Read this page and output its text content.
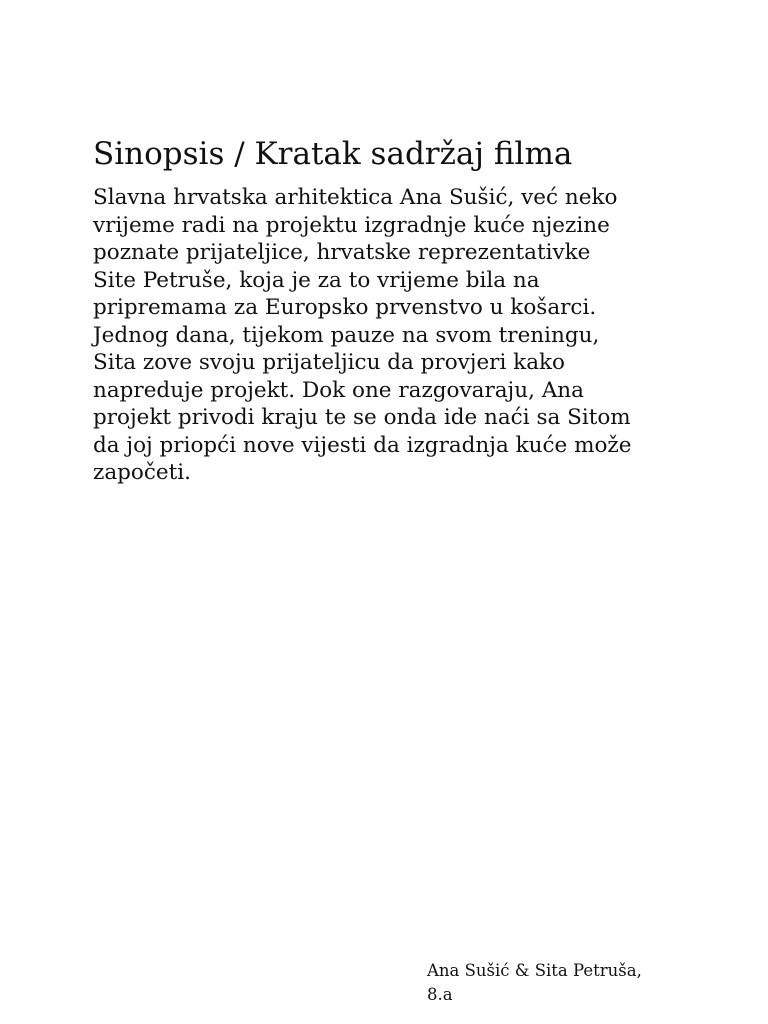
Sinopsis / Kratak sadržaj filma
Slavna hrvatska arhitektica Ana Sušić, već neko
vrijeme radi na projektu izgradnje kuće njezine
poznate prijateljice, hrvatske reprezentativke
Site Petruše, koja je za to vrijeme bila na
pripremama za Europsko prvenstvo u košarci.
Jednog dana, tijekom pauze na svom treningu,
Sita zove svoju prijateljicu da provjeri kako
napreduje projekt. Dok one razgovaraju, Ana
projekt privodi kraju te se onda ide naći sa Sitom
da joj priopći nove vijesti da izgradnja kuće može
započeti.
Ana Sušić & Sita Petruša,
8.a
